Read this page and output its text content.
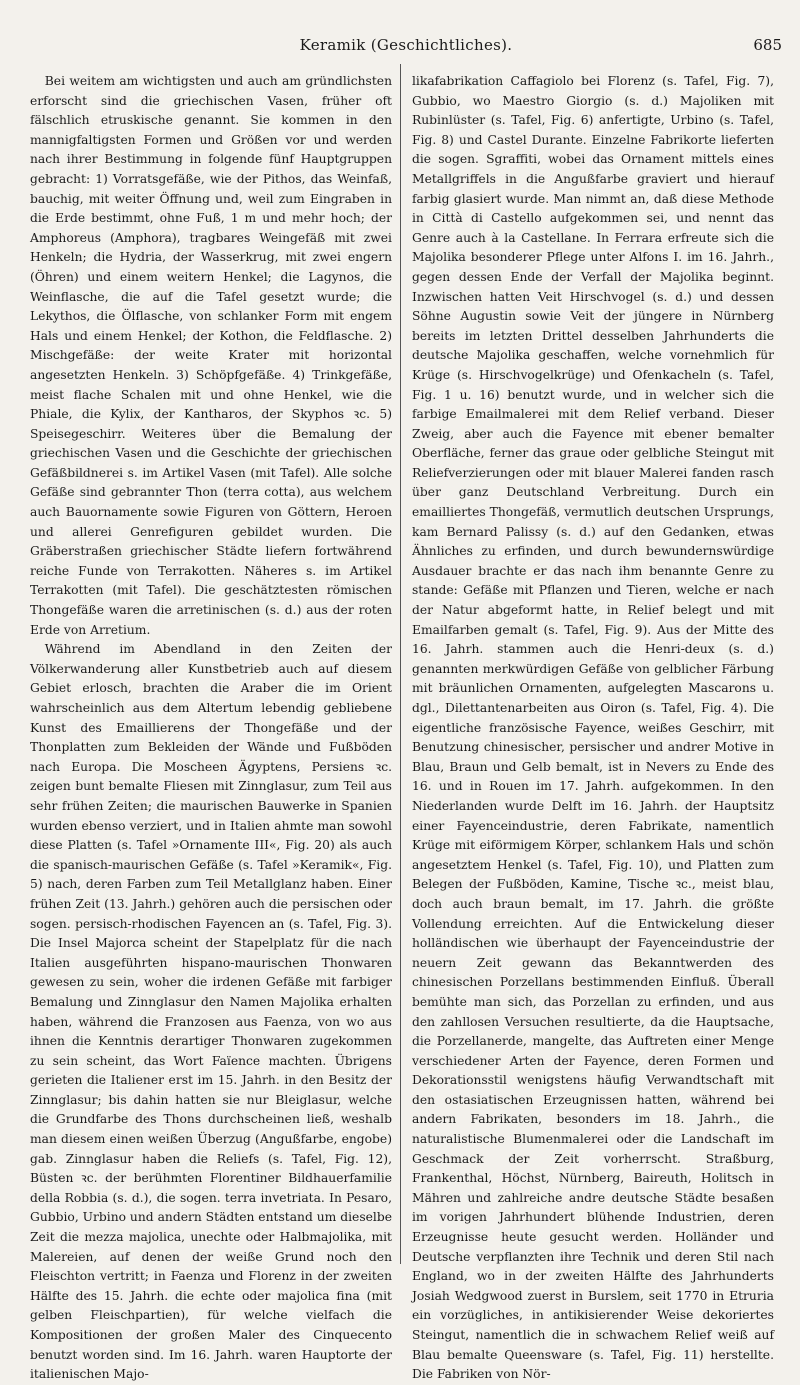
Keramik (Geschichtliches).	685

Bei weitem am wichtigsten und auch am gründlichsten erforscht sind die griechischen Vasen, früher oft fälschlich etruskische genannt. Sie kommen in den mannigfaltigsten Formen und Größen vor und werden nach ihrer Bestimmung in folgende fünf Hauptgruppen gebracht: 1) Vorratsgefäße, wie der Pithos, das Weinfaß, bauchig, mit weiter Öffnung und, weil zum Eingraben in die Erde bestimmt, ohne Fuß, 1 m und mehr hoch; der Amphoreus (Amphora), tragbares Weingefäß mit zwei Henkeln; die Hydria, der Wasserkrug, mit zwei engern (Öhren) und einem weitern Henkel; die Lagynos, die Weinflasche, die auf die Tafel gesetzt wurde; die Lekythos, die Ölflasche, von schlanker Form mit engem Hals und einem Henkel; der Kothon, die Feldflasche. 2) Mischgefäße: der weite Krater mit horizontal angesetzten Henkeln. 3) Schöpfgefäße. 4) Trinkgefäße, meist flache Schalen mit und ohne Henkel, wie die Phiale, die Kylix, der Kantharos, der Skyphos ꝛc. 5) Speisegeschirr. Weiteres über die Bemalung der griechischen Vasen und die Geschichte der griechischen Gefäßbildnerei s. im Artikel Vasen (mit Tafel). Alle solche Gefäße sind gebrannter Thon (terra cotta), aus welchem auch Bauornamente sowie Figuren von Göttern, Heroen und allerei Genrefiguren gebildet wurden. Die Gräberstraßen griechischer Städte liefern fortwährend reiche Funde von Terrakotten. Näheres s. im Artikel Terrakotten (mit Tafel). Die geschätztesten römischen Thongefäße waren die arretinischen (s. d.) aus der roten Erde von Arretium.

Während im Abendland in den Zeiten der Völkerwanderung aller Kunstbetrieb auch auf diesem Gebiet erlosch, brachten die Araber die im Orient wahrscheinlich aus dem Altertum lebendig gebliebene Kunst des Emaillierens der Thongefäße und der Thonplatten zum Bekleiden der Wände und Fußböden nach Europa. Die Moscheen Ägyptens, Persiens ꝛc. zeigen bunt bemalte Fliesen mit Zinnglasur, zum Teil aus sehr frühen Zeiten; die maurischen Bauwerke in Spanien wurden ebenso verziert, und in Italien ahmte man sowohl diese Platten (s. Tafel »Ornamente III«, Fig. 20) als auch die spanisch-maurischen Gefäße (s. Tafel »Keramik«, Fig. 5) nach, deren Farben zum Teil Metallglanz haben. Einer frühen Zeit (13. Jahrh.) gehören auch die persischen oder sogen. persisch-rhodischen Fayencen an (s. Tafel, Fig. 3). Die Insel Majorca scheint der Stapelplatz für die nach Italien ausgeführten hispano-maurischen Thonwaren gewesen zu sein, woher die irdenen Gefäße mit farbiger Bemalung und Zinnglasur den Namen Majolika erhalten haben, während die Franzosen aus Faenza, von wo aus ihnen die Kenntnis derartiger Thonwaren zugekommen zu sein scheint, das Wort Faïence machten. Übrigens gerieten die Italiener erst im 15. Jahrh. in den Besitz der Zinnglasur; bis dahin hatten sie nur Bleiglasur, welche die Grundfarbe des Thons durchscheinen ließ, weshalb man diesem einen weißen Überzug (Angußfarbe, engobe) gab. Zinnglasur haben die Reliefs (s. Tafel, Fig. 12), Büsten ꝛc. der berühmten Florentiner Bildhauerfamilie della Robbia (s. d.), die sogen. terra invetriata. In Pesaro, Gubbio, Urbino und andern Städten entstand um dieselbe Zeit die mezza majolica, unechte oder Halbmajolika, mit Malereien, auf denen der weiße Grund noch den Fleischton vertritt; in Faenza und Florenz in der zweiten Hälfte des 15. Jahrh. die echte oder majolica fina (mit gelben Fleischpartien), für welche vielfach die Kompositionen der großen Maler des Cinquecento benutzt worden sind. Im 16. Jahrh. waren Hauptorte der italienischen Majo-

likafabrikation Caffagiolo bei Florenz (s. Tafel, Fig. 7), Gubbio, wo Maestro Giorgio (s. d.) Majoliken mit Rubinlüster (s. Tafel, Fig. 6) anfertigte, Urbino (s. Tafel, Fig. 8) und Castel Durante. Einzelne Fabrikorte lieferten die sogen. Sgraffiti, wobei das Ornament mittels eines Metallgriffels in die Angußfarbe graviert und hierauf farbig glasiert wurde. Man nimmt an, daß diese Methode in Città di Castello aufgekommen sei, und nennt das Genre auch à la Castellane. In Ferrara erfreute sich die Majolika besonderer Pflege unter Alfons I. im 16. Jahrh., gegen dessen Ende der Verfall der Majolika beginnt. Inzwischen hatten Veit Hirschvogel (s. d.) und dessen Söhne Augustin sowie Veit der jüngere in Nürnberg bereits im letzten Drittel desselben Jahrhunderts die deutsche Majolika geschaffen, welche vornehmlich für Krüge (s. Hirschvogelkrüge) und Ofenkacheln (s. Tafel, Fig. 1 u. 16) benutzt wurde, und in welcher sich die farbige Emailmalerei mit dem Relief verband. Dieser Zweig, aber auch die Fayence mit ebener bemalter Oberfläche, ferner das graue oder gelbliche Steingut mit Reliefverzierungen oder mit blauer Malerei fanden rasch über ganz Deutschland Verbreitung. Durch ein emailliertes Thongefäß, vermutlich deutschen Ursprungs, kam Bernard Palissy (s. d.) auf den Gedanken, etwas Ähnliches zu erfinden, und durch bewundernswürdige Ausdauer brachte er das nach ihm benannte Genre zu stande: Gefäße mit Pflanzen und Tieren, welche er nach der Natur abgeformt hatte, in Relief belegt und mit Emailfarben gemalt (s. Tafel, Fig. 9). Aus der Mitte des 16. Jahrh. stammen auch die Henri-deux (s. d.) genannten merkwürdigen Gefäße von gelblicher Färbung mit bräunlichen Ornamenten, aufgelegten Mascarons u. dgl., Dilettantenarbeiten aus Oiron (s. Tafel, Fig. 4). Die eigentliche französische Fayence, weißes Geschirr, mit Benutzung chinesischer, persischer und andrer Motive in Blau, Braun und Gelb bemalt, ist in Nevers zu Ende des 16. und in Rouen im 17. Jahrh. aufgekommen. In den Niederlanden wurde Delft im 16. Jahrh. der Hauptsitz einer Fayenceindustrie, deren Fabrikate, namentlich Krüge mit eiförmigem Körper, schlankem Hals und schön angesetztem Henkel (s. Tafel, Fig. 10), und Platten zum Belegen der Fußböden, Kamine, Tische ꝛc., meist blau, doch auch braun bemalt, im 17. Jahrh. die größte Vollendung erreichten. Auf die Entwickelung dieser holländischen wie überhaupt der Fayenceindustrie der neuern Zeit gewann das Bekanntwerden des chinesischen Porzellans bestimmenden Einfluß. Überall bemühte man sich, das Porzellan zu erfinden, und aus den zahllosen Versuchen resultierte, da die Hauptsache, die Porzellanerde, mangelte, das Auftreten einer Menge verschiedener Arten der Fayence, deren Formen und Dekorationsstil wenigstens häufig Verwandtschaft mit den ostasiatischen Erzeugnissen hatten, während bei andern Fabrikaten, besonders im 18. Jahrh., die naturalistische Blumenmalerei oder die Landschaft im Geschmack der Zeit vorherrscht. Straßburg, Frankenthal, Höchst, Nürnberg, Baireuth, Holitsch in Mähren und zahlreiche andre deutsche Städte besaßen im vorigen Jahrhundert blühende Industrien, deren Erzeugnisse heute gesucht werden. Holländer und Deutsche verpflanzten ihre Technik und deren Stil nach England, wo in der zweiten Hälfte des Jahrhunderts Josiah Wedgwood zuerst in Burslem, seit 1770 in Etruria ein vorzügliches, in antikisierender Weise dekoriertes Steingut, namentlich die in schwachem Relief weiß auf Blau bemalte Queensware (s. Tafel, Fig. 11) herstellte. Die Fabriken von Nör-
